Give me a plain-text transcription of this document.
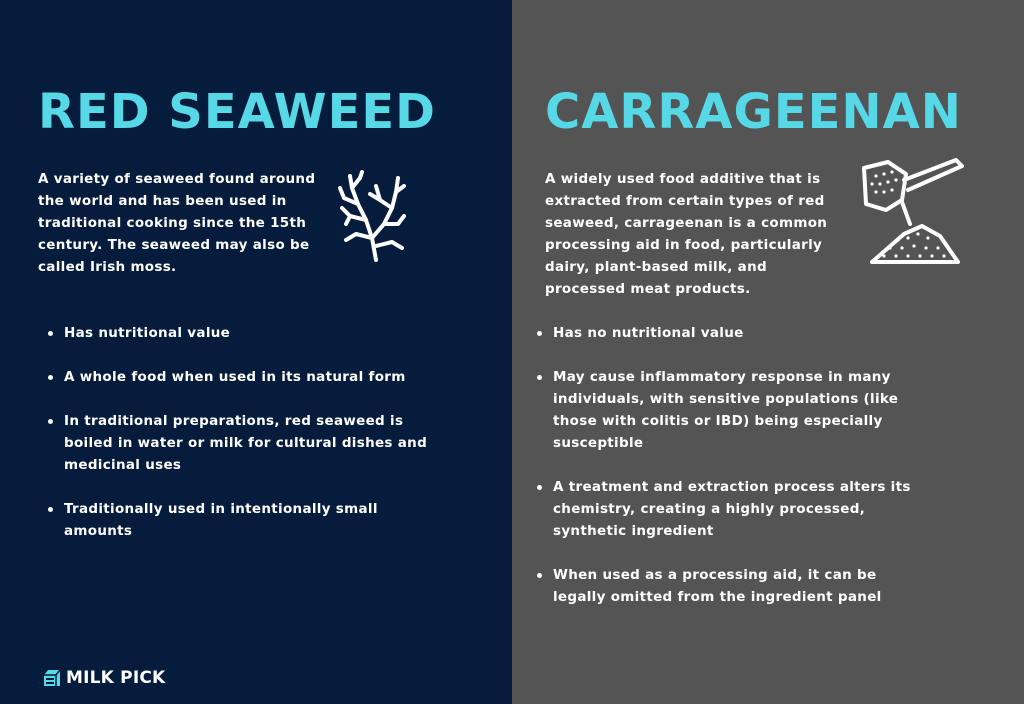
RED SEAWEED

A variety of seaweed found around the world and has been used in traditional cooking since the 15th century. The seaweed may also be called Irish moss.

Has nutritional value
A whole food when used in its natural form
In traditional preparations, red seaweed is boiled in water or milk for cultural dishes and medicinal uses
Traditionally used in intentionally small amounts
MILK PICK
CARRAGEENAN

A widely used food additive that is extracted from certain types of red seaweed, carrageenan is a common processing aid in food, particularly dairy, plant-based milk, and processed meat products.

Has no nutritional value
May cause inflammatory response in many individuals, with sensitive populations (like those with colitis or IBD) being especially susceptible
A treatment and extraction process alters its chemistry, creating a highly processed, synthetic ingredient
When used as a processing aid, it can be legally omitted from the ingredient panel
